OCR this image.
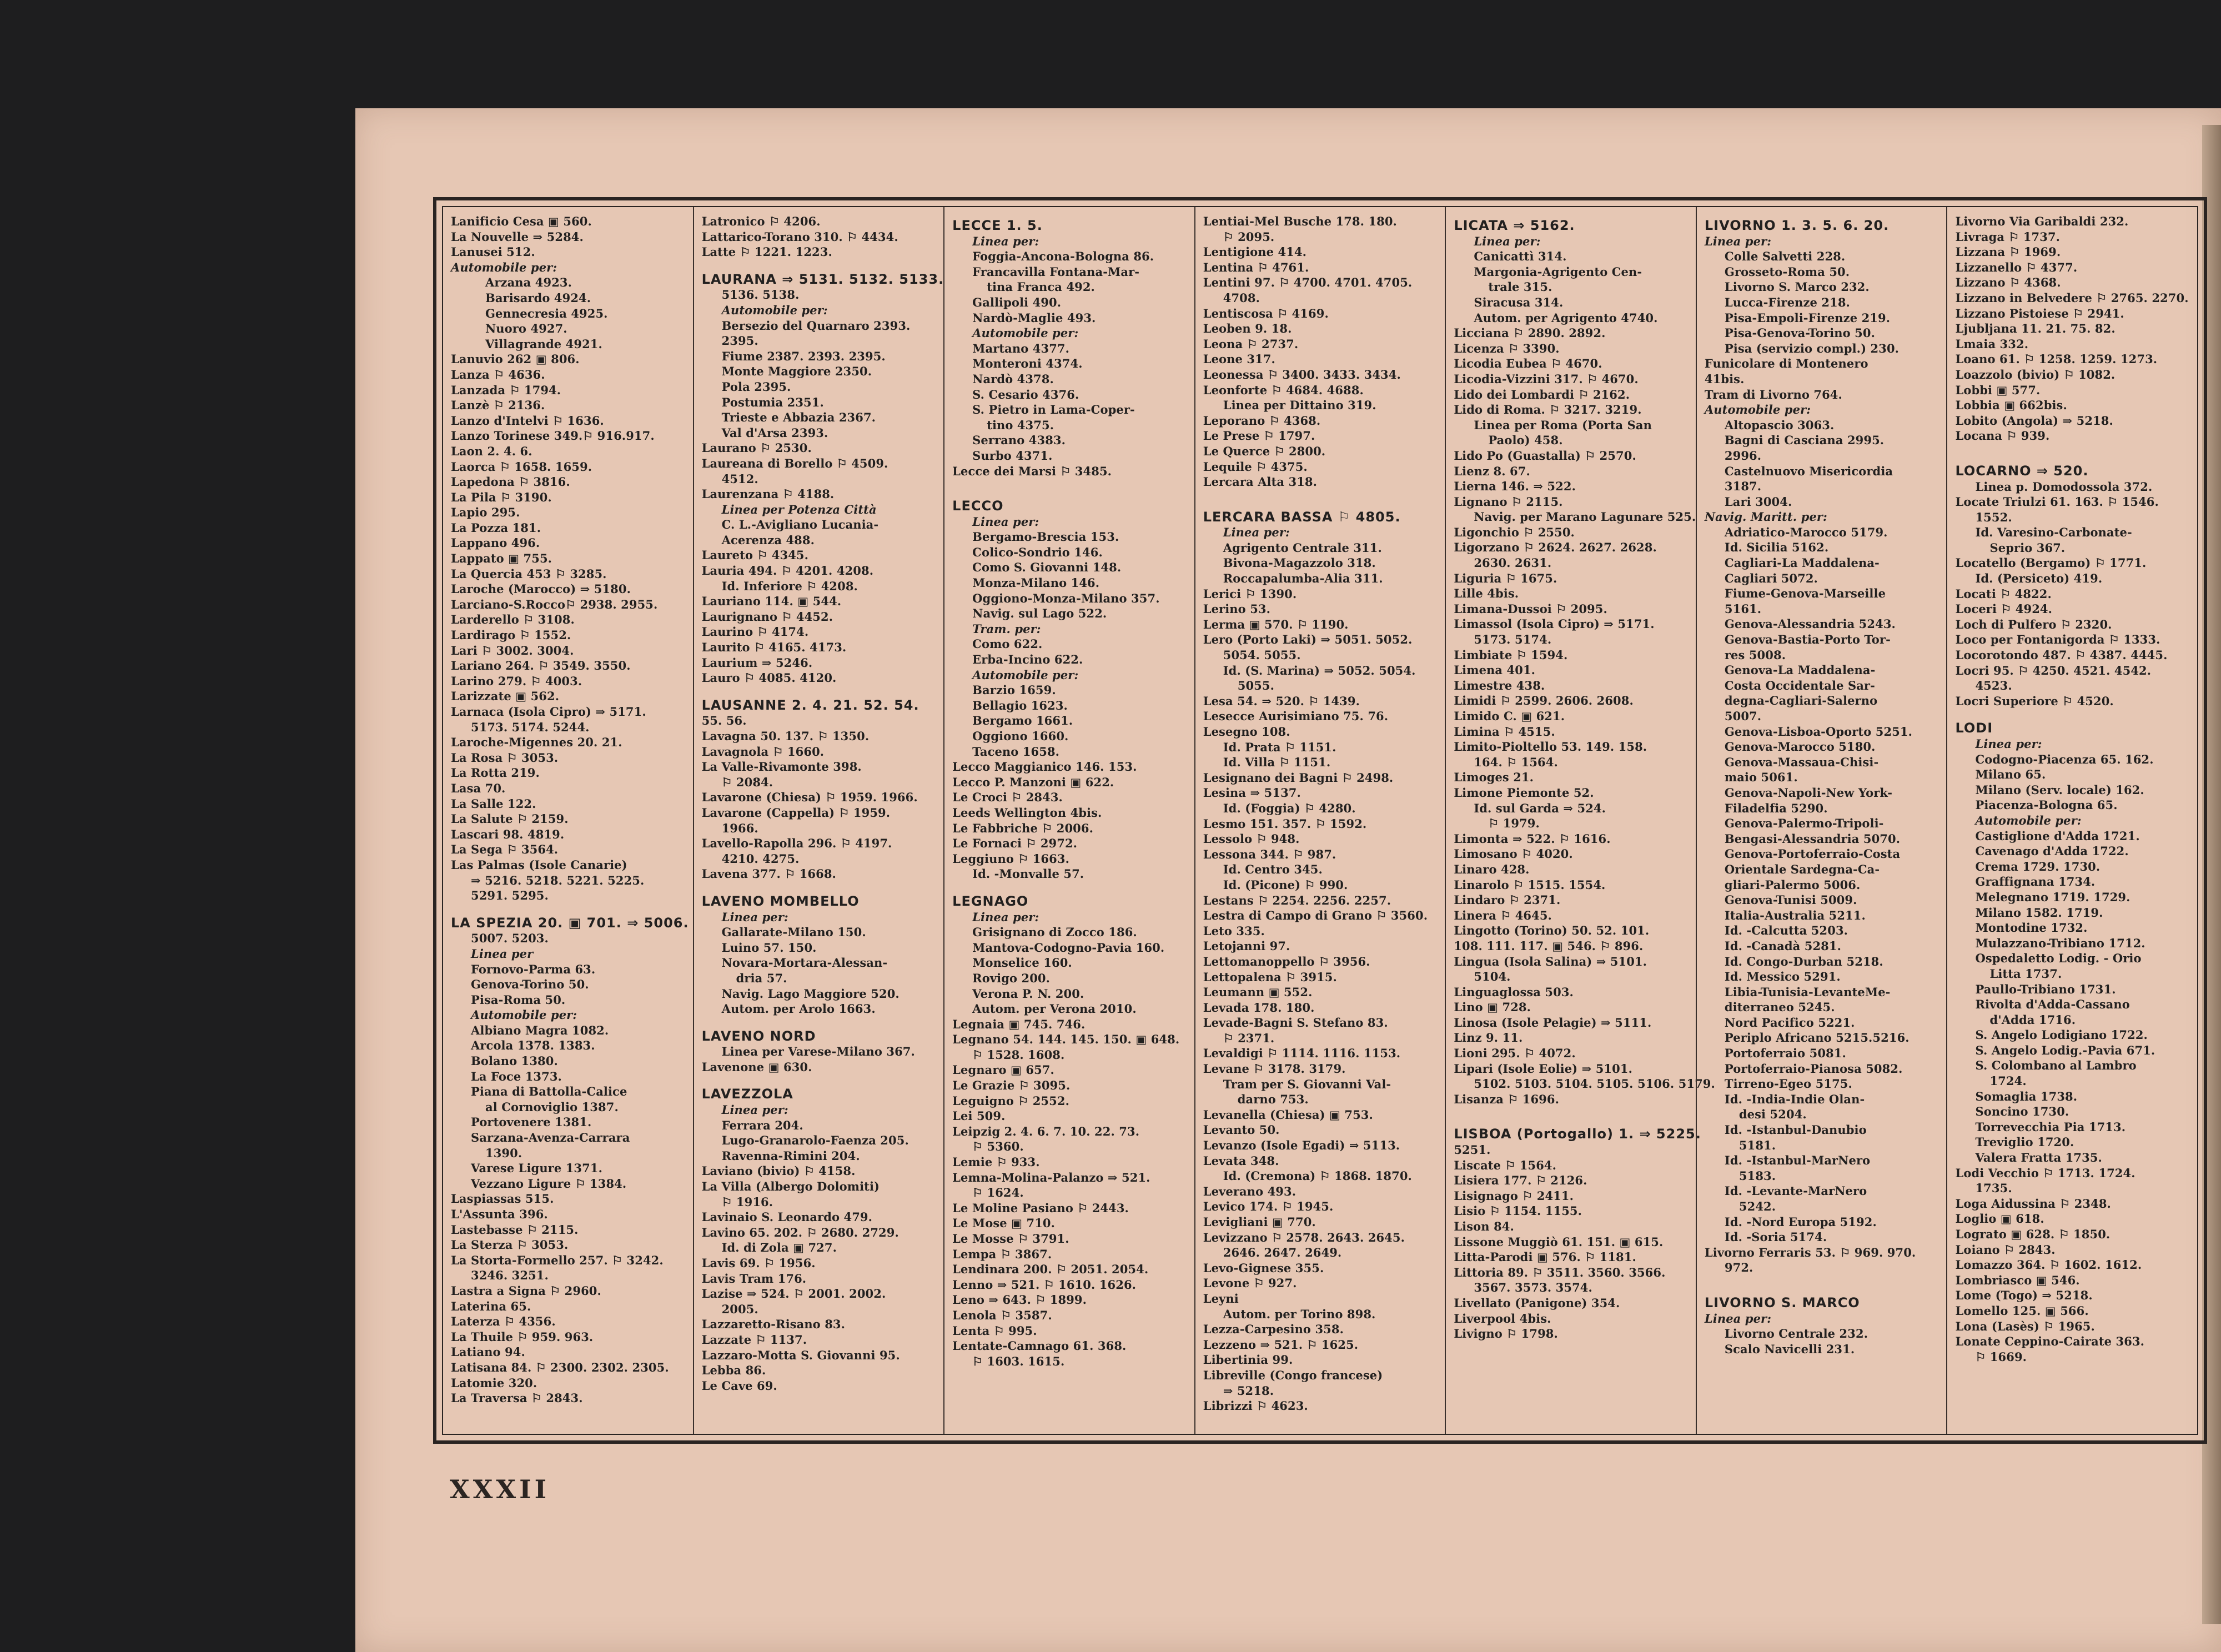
Lanificio Cesa ▣ 560.
La Nouvelle ⇒ 5284.
Lanusei 512.
Automobile per:
Arzana 4923.
Barisardo 4924.
Gennecresia 4925.
Nuoro 4927.
Villagrande 4921.
Lanuvio 262 ▣ 806.
Lanza ⚐ 4636.
Lanzada ⚐ 1794.
Lanzè ⚐ 2136.
Lanzo d'Intelvi ⚐ 1636.
Lanzo Torinese 349.⚐ 916.917.
Laon 2. 4. 6.
Laorca ⚐ 1658. 1659.
Lapedona ⚐ 3816.
La Pila ⚐ 3190.
Lapio 295.
La Pozza 181.
Lappano 496.
Lappato ▣ 755.
La Quercia 453 ⚐ 3285.
Laroche (Marocco) ⇒ 5180.
Larciano-S.Rocco⚐ 2938. 2955.
Larderello ⚐ 3108.
Lardirago ⚐ 1552.
Lari ⚐ 3002. 3004.
Lariano 264. ⚐ 3549. 3550.
Larino 279. ⚐ 4003.
Larizzate ▣ 562.
Larnaca (Isola Cipro) ⇒ 5171.
5173. 5174. 5244.
Laroche-Migennes 20. 21.
La Rosa ⚐ 3053.
La Rotta 219.
Lasa 70.
La Salle 122.
La Salute ⚐ 2159.
Lascari 98. 4819.
La Sega ⚐ 3564.
Las Palmas (Isole Canarie)
⇒ 5216. 5218. 5221. 5225.
5291. 5295.
LA SPEZIA 20. ▣ 701. ⇒ 5006.
5007. 5203.
Linea per
Fornovo-Parma 63.
Genova-Torino 50.
Pisa-Roma 50.
Automobile per:
Albiano Magra 1082.
Arcola 1378. 1383.
Bolano 1380.
La Foce 1373.
Piana di Battolla-Calice
al Cornoviglio 1387.
Portovenere 1381.
Sarzana-Avenza-Carrara
1390.
Varese Ligure 1371.
Vezzano Ligure ⚐ 1384.
Laspiassas 515.
L'Assunta 396.
Lastebasse ⚐ 2115.
La Sterza ⚐ 3053.
La Storta-Formello 257. ⚐ 3242.
3246. 3251.
Lastra a Signa ⚐ 2960.
Laterina 65.
Laterza ⚐ 4356.
La Thuile ⚐ 959. 963.
Latiano 94.
Latisana 84. ⚐ 2300. 2302. 2305.
Latomie 320.
La Traversa ⚐ 2843.
Latronico ⚐ 4206.
Lattarico-Torano 310. ⚐ 4434.
Latte ⚐ 1221. 1223.
LAURANA ⇒ 5131. 5132. 5133.
5136. 5138.
Automobile per:
Bersezio del Quarnaro 2393.
2395.
Fiume 2387. 2393. 2395.
Monte Maggiore 2350.
Pola 2395.
Postumia 2351.
Trieste e Abbazia 2367.
Val d'Arsa 2393.
Laurano ⚐ 2530.
Laureana di Borello ⚐ 4509.
4512.
Laurenzana ⚐ 4188.
Linea per Potenza Città
C. L.-Avigliano Lucania-
Acerenza 488.
Laureto ⚐ 4345.
Lauria 494. ⚐ 4201. 4208.
Id. Inferiore ⚐ 4208.
Lauriano 114. ▣ 544.
Laurignano ⚐ 4452.
Laurino ⚐ 4174.
Laurito ⚐ 4165. 4173.
Laurium ⇒ 5246.
Lauro ⚐ 4085. 4120.
LAUSANNE 2. 4. 21. 52. 54.
55. 56.
Lavagna 50. 137. ⚐ 1350.
Lavagnola ⚐ 1660.
La Valle-Rivamonte 398.
⚐ 2084.
Lavarone (Chiesa) ⚐ 1959. 1966.
Lavarone (Cappella) ⚐ 1959.
1966.
Lavello-Rapolla 296. ⚐ 4197.
4210. 4275.
Lavena 377. ⚐ 1668.
LAVENO MOMBELLO
Linea per:
Gallarate-Milano 150.
Luino 57. 150.
Novara-Mortara-Alessan-
dria 57.
Navig. Lago Maggiore 520.
Autom. per Arolo 1663.
LAVENO NORD
Linea per Varese-Milano 367.
Lavenone ▣ 630.
LAVEZZOLA
Linea per:
Ferrara 204.
Lugo-Granarolo-Faenza 205.
Ravenna-Rimini 204.
Laviano (bivio) ⚐ 4158.
La Villa (Albergo Dolomiti)
⚐ 1916.
Lavinaio S. Leonardo 479.
Lavino 65. 202. ⚐ 2680. 2729.
Id. di Zola ▣ 727.
Lavis 69. ⚐ 1956.
Lavis Tram 176.
Lazise ⇒ 524. ⚐ 2001. 2002.
2005.
Lazzaretto-Risano 83.
Lazzate ⚐ 1137.
Lazzaro-Motta S. Giovanni 95.
Lebba 86.
Le Cave 69.
LECCE 1. 5.
Linea per:
Foggia-Ancona-Bologna 86.
Francavilla Fontana-Mar-
tina Franca 492.
Gallipoli 490.
Nardò-Maglie 493.
Automobile per:
Martano 4377.
Monteroni 4374.
Nardò 4378.
S. Cesario 4376.
S. Pietro in Lama-Coper-
tino 4375.
Serrano 4383.
Surbo 4371.
Lecce dei Marsi ⚐ 3485.
LECCO
Linea per:
Bergamo-Brescia 153.
Colico-Sondrio 146.
Como S. Giovanni 148.
Monza-Milano 146.
Oggiono-Monza-Milano 357.
Navig. sul Lago 522.
Tram. per:
Como 622.
Erba-Incino 622.
Automobile per:
Barzio 1659.
Bellagio 1623.
Bergamo 1661.
Oggiono 1660.
Taceno 1658.
Lecco Maggianico 146. 153.
Lecco P. Manzoni ▣ 622.
Le Croci ⚐ 2843.
Leeds Wellington 4bis.
Le Fabbriche ⚐ 2006.
Le Fornaci ⚐ 2972.
Leggiuno ⚐ 1663.
Id. -Monvalle 57.
LEGNAGO
Linea per:
Grisignano di Zocco 186.
Mantova-Codogno-Pavia 160.
Monselice 160.
Rovigo 200.
Verona P. N. 200.
Autom. per Verona 2010.
Legnaia ▣ 745. 746.
Legnano 54. 144. 145. 150. ▣ 648.
⚐ 1528. 1608.
Legnaro ▣ 657.
Le Grazie ⚐ 3095.
Leguigno ⚐ 2552.
Lei 509.
Leipzig 2. 4. 6. 7. 10. 22. 73.
⚐ 5360.
Lemie ⚐ 933.
Lemna-Molina-Palanzo ⇒ 521.
⚐ 1624.
Le Moline Pasiano ⚐ 2443.
Le Mose ▣ 710.
Le Mosse ⚐ 3791.
Lempa ⚐ 3867.
Lendinara 200. ⚐ 2051. 2054.
Lenno ⇒ 521. ⚐ 1610. 1626.
Leno ⇒ 643. ⚐ 1899.
Lenola ⚐ 3587.
Lenta ⚐ 995.
Lentate-Camnago 61. 368.
⚐ 1603. 1615.
Lentiai-Mel Busche 178. 180.
⚐ 2095.
Lentigione 414.
Lentina ⚐ 4761.
Lentini 97. ⚐ 4700. 4701. 4705.
4708.
Lentiscosa ⚐ 4169.
Leoben 9. 18.
Leona ⚐ 2737.
Leone 317.
Leonessa ⚐ 3400. 3433. 3434.
Leonforte ⚐ 4684. 4688.
Linea per Dittaino 319.
Leporano ⚐ 4368.
Le Prese ⚐ 1797.
Le Querce ⚐ 2800.
Lequile ⚐ 4375.
Lercara Alta 318.
LERCARA BASSA ⚐ 4805.
Linea per:
Agrigento Centrale 311.
Bivona-Magazzolo 318.
Roccapalumba-Alia 311.
Lerici ⚐ 1390.
Lerino 53.
Lerma ▣ 570. ⚐ 1190.
Lero (Porto Laki) ⇒ 5051. 5052.
5054. 5055.
Id. (S. Marina) ⇒ 5052. 5054.
5055.
Lesa 54. ⇒ 520. ⚐ 1439.
Lesecce Aurisimiano 75. 76.
Lesegno 108.
Id. Prata ⚐ 1151.
Id. Villa ⚐ 1151.
Lesignano dei Bagni ⚐ 2498.
Lesina ⇒ 5137.
Id. (Foggia) ⚐ 4280.
Lesmo 151. 357. ⚐ 1592.
Lessolo ⚐ 948.
Lessona 344. ⚐ 987.
Id. Centro 345.
Id. (Picone) ⚐ 990.
Lestans ⚐ 2254. 2256. 2257.
Lestra di Campo di Grano ⚐ 3560.
Leto 335.
Letojanni 97.
Lettomanoppello ⚐ 3956.
Lettopalena ⚐ 3915.
Leumann ▣ 552.
Levada 178. 180.
Levade-Bagni S. Stefano 83.
⚐ 2371.
Levaldigi ⚐ 1114. 1116. 1153.
Levane ⚐ 3178. 3179.
Tram per S. Giovanni Val-
darno 753.
Levanella (Chiesa) ▣ 753.
Levanto 50.
Levanzo (Isole Egadi) ⇒ 5113.
Levata 348.
Id. (Cremona) ⚐ 1868. 1870.
Leverano 493.
Levico 174. ⚐ 1945.
Levigliani ▣ 770.
Levizzano ⚐ 2578. 2643. 2645.
2646. 2647. 2649.
Levo-Gignese 355.
Levone ⚐ 927.
Leyni
Autom. per Torino 898.
Lezza-Carpesino 358.
Lezzeno ⇒ 521. ⚐ 1625.
Libertinia 99.
Libreville (Congo francese)
⇒ 5218.
Librizzi ⚐ 4623.
LICATA ⇒ 5162.
Linea per:
Canicattì 314.
Margonia-Agrigento Cen-
trale 315.
Siracusa 314.
Autom. per Agrigento 4740.
Licciana ⚐ 2890. 2892.
Licenza ⚐ 3390.
Licodia Eubea ⚐ 4670.
Licodia-Vizzini 317. ⚐ 4670.
Lido dei Lombardi ⚐ 2162.
Lido di Roma. ⚐ 3217. 3219.
Linea per Roma (Porta San
Paolo) 458.
Lido Po (Guastalla) ⚐ 2570.
Lienz 8. 67.
Lierna 146. ⇒ 522.
Lignano ⚐ 2115.
Navig. per Marano Lagunare 525.
Ligonchio ⚐ 2550.
Ligorzano ⚐ 2624. 2627. 2628.
2630. 2631.
Liguria ⚐ 1675.
Lille 4bis.
Limana-Dussoi ⚐ 2095.
Limassol (Isola Cipro) ⇒ 5171.
5173. 5174.
Limbiate ⚐ 1594.
Limena 401.
Limestre 438.
Limidi ⚐ 2599. 2606. 2608.
Limido C. ▣ 621.
Limina ⚐ 4515.
Limito-Pioltello 53. 149. 158.
164. ⚐ 1564.
Limoges 21.
Limone Piemonte 52.
Id. sul Garda ⇒ 524.
⚐ 1979.
Limonta ⇒ 522. ⚐ 1616.
Limosano ⚐ 4020.
Linaro 428.
Linarolo ⚐ 1515. 1554.
Lindaro ⚐ 2371.
Linera ⚐ 4645.
Lingotto (Torino) 50. 52. 101.
108. 111. 117. ▣ 546. ⚐ 896.
Lingua (Isola Salina) ⇒ 5101.
5104.
Linguaglossa 503.
Lino ▣ 728.
Linosa (Isole Pelagie) ⇒ 5111.
Linz 9. 11.
Lioni 295. ⚐ 4072.
Lipari (Isole Eolie) ⇒ 5101.
5102. 5103. 5104. 5105. 5106. 5179.
Lisanza ⚐ 1696.
LISBOA (Portogallo) 1. ⇒ 5225.
5251.
Liscate ⚐ 1564.
Lisiera 177. ⚐ 2126.
Lisignago ⚐ 2411.
Lisio ⚐ 1154. 1155.
Lison 84.
Lissone Muggiò 61. 151. ▣ 615.
Litta-Parodi ▣ 576. ⚐ 1181.
Littoria 89. ⚐ 3511. 3560. 3566.
3567. 3573. 3574.
Livellato (Panigone) 354.
Liverpool 4bis.
Livigno ⚐ 1798.
LIVORNO 1. 3. 5. 6. 20.
Linea per:
Colle Salvetti 228.
Grosseto-Roma 50.
Livorno S. Marco 232.
Lucca-Firenze 218.
Pisa-Empoli-Firenze 219.
Pisa-Genova-Torino 50.
Pisa (servizio compl.) 230.
Funicolare di Montenero
41bis.
Tram di Livorno 764.
Automobile per:
Altopascio 3063.
Bagni di Casciana 2995.
2996.
Castelnuovo Misericordia
3187.
Lari 3004.
Navig. Maritt. per:
Adriatico-Marocco 5179.
Id. Sicilia 5162.
Cagliari-La Maddalena-
Cagliari 5072.
Fiume-Genova-Marseille
5161.
Genova-Alessandria 5243.
Genova-Bastia-Porto Tor-
res 5008.
Genova-La Maddalena-
Costa Occidentale Sar-
degna-Cagliari-Salerno
5007.
Genova-Lisboa-Oporto 5251.
Genova-Marocco 5180.
Genova-Massaua-Chisi-
maio 5061.
Genova-Napoli-New York-
Filadelfia 5290.
Genova-Palermo-Tripoli-
Bengasi-Alessandria 5070.
Genova-Portoferraio-Costa
Orientale Sardegna-Ca-
gliari-Palermo 5006.
Genova-Tunisi 5009.
Italia-Australia 5211.
Id. -Calcutta 5203.
Id. -Canadà 5281.
Id. Congo-Durban 5218.
Id. Messico 5291.
Libia-Tunisia-LevanteMe-
diterraneo 5245.
Nord Pacifico 5221.
Periplo Africano 5215.5216.
Portoferraio 5081.
Portoferraio-Pianosa 5082.
Tirreno-Egeo 5175.
Id. -India-Indie Olan-
desi 5204.
Id. -Istanbul-Danubio
5181.
Id. -Istanbul-MarNero
5183.
Id. -Levante-MarNero
5242.
Id. -Nord Europa 5192.
Id. -Soria 5174.
Livorno Ferraris 53. ⚐ 969. 970.
972.
LIVORNO S. MARCO
Linea per:
Livorno Centrale 232.
Scalo Navicelli 231.
Livorno Via Garibaldi 232.
Livraga ⚐ 1737.
Lizzana ⚐ 1969.
Lizzanello ⚐ 4377.
Lizzano ⚐ 4368.
Lizzano in Belvedere ⚐ 2765. 2270.
Lizzano Pistoiese ⚐ 2941.
Ljubljana 11. 21. 75. 82.
Lmaia 332.
Loano 61. ⚐ 1258. 1259. 1273.
Loazzolo (bivio) ⚐ 1082.
Lobbi ▣ 577.
Lobbia ▣ 662bis.
Lobito (Angola) ⇒ 5218.
Locana ⚐ 939.
LOCARNO ⇒ 520.
Linea p. Domodossola 372.
Locate Triulzi 61. 163. ⚐ 1546.
1552.
Id. Varesino-Carbonate-
Seprio 367.
Locatello (Bergamo) ⚐ 1771.
Id. (Persiceto) 419.
Locati ⚐ 4822.
Loceri ⚐ 4924.
Loch di Pulfero ⚐ 2320.
Loco per Fontanigorda ⚐ 1333.
Locorotondo 487. ⚐ 4387. 4445.
Locri 95. ⚐ 4250. 4521. 4542.
4523.
Locri Superiore ⚐ 4520.
LODI
Linea per:
Codogno-Piacenza 65. 162.
Milano 65.
Milano (Serv. locale) 162.
Piacenza-Bologna 65.
Automobile per:
Castiglione d'Adda 1721.
Cavenago d'Adda 1722.
Crema 1729. 1730.
Graffignana 1734.
Melegnano 1719. 1729.
Milano 1582. 1719.
Montodine 1732.
Mulazzano-Tribiano 1712.
Ospedaletto Lodig. - Orio
Litta 1737.
Paullo-Tribiano 1731.
Rivolta d'Adda-Cassano
d'Adda 1716.
S. Angelo Lodigiano 1722.
S. Angelo Lodig.-Pavia 671.
S. Colombano al Lambro
1724.
Somaglia 1738.
Soncino 1730.
Torrevecchia Pia 1713.
Treviglio 1720.
Valera Fratta 1735.
Lodi Vecchio ⚐ 1713. 1724.
1735.
Loga Aidussina ⚐ 2348.
Loglio ▣ 618.
Lograto ▣ 628. ⚐ 1850.
Loiano ⚐ 2843.
Lomazzo 364. ⚐ 1602. 1612.
Lombriasco ▣ 546.
Lome (Togo) ⇒ 5218.
Lomello 125. ▣ 566.
Lona (Lasès) ⚐ 1965.
Lonate Ceppino-Cairate 363.
⚐ 1669.
XXXII
